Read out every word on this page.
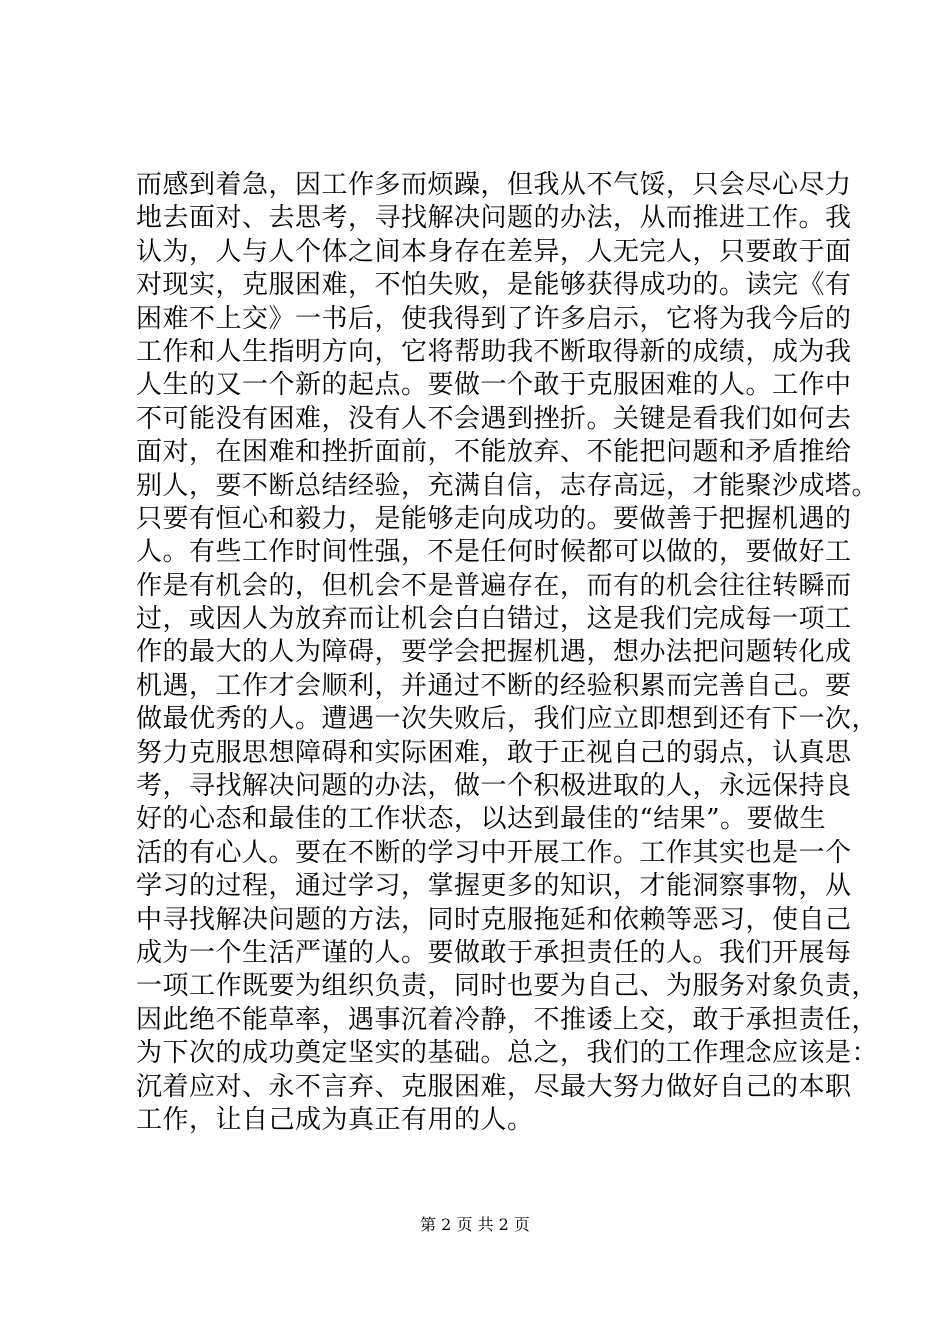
而感到着急，因工作多而烦躁，但我从不气馁，只会尽心尽力
地去面对、去思考，寻找解决问题的办法，从而推进工作。我
认为，人与人个体之间本身存在差异，人无完人，只要敢于面
对现实，克服困难，不怕失败，是能够获得成功的。读完《有
困难不上交》一书后，使我得到了许多启示，它将为我今后的
工作和人生指明方向，它将帮助我不断取得新的成绩，成为我
人生的又一个新的起点。要做一个敢于克服困难的人。工作中
不可能没有困难，没有人不会遇到挫折。关键是看我们如何去
面对，在困难和挫折面前，不能放弃、不能把问题和矛盾推给
别人，要不断总结经验，充满自信，志存高远，才能聚沙成塔。
只要有恒心和毅力，是能够走向成功的。要做善于把握机遇的
人。有些工作时间性强，不是任何时候都可以做的，要做好工
作是有机会的，但机会不是普遍存在，而有的机会往往转瞬而
过，或因人为放弃而让机会白白错过，这是我们完成每一项工
作的最大的人为障碍，要学会把握机遇，想办法把问题转化成
机遇，工作才会顺利，并通过不断的经验积累而完善自己。要
做最优秀的人。遭遇一次失败后，我们应立即想到还有下一次，
努力克服思想障碍和实际困难，敢于正视自己的弱点，认真思
考，寻找解决问题的办法，做一个积极进取的人，永远保持良
好的心态和最佳的工作状态，以达到最佳的“结果”。要做生
活的有心人。要在不断的学习中开展工作。工作其实也是一个
学习的过程，通过学习，掌握更多的知识，才能洞察事物，从
中寻找解决问题的方法，同时克服拖延和依赖等恶习，使自己
成为一个生活严谨的人。要做敢于承担责任的人。我们开展每
一项工作既要为组织负责，同时也要为自己、为服务对象负责，
因此绝不能草率，遇事沉着冷静，不推诿上交，敢于承担责任，
为下次的成功奠定坚实的基础。总之，我们的工作理念应该是：
沉着应对、永不言弃、克服困难，尽最大努力做好自己的本职
工作，让自己成为真正有用的人。
第 2 页 共 2 页
